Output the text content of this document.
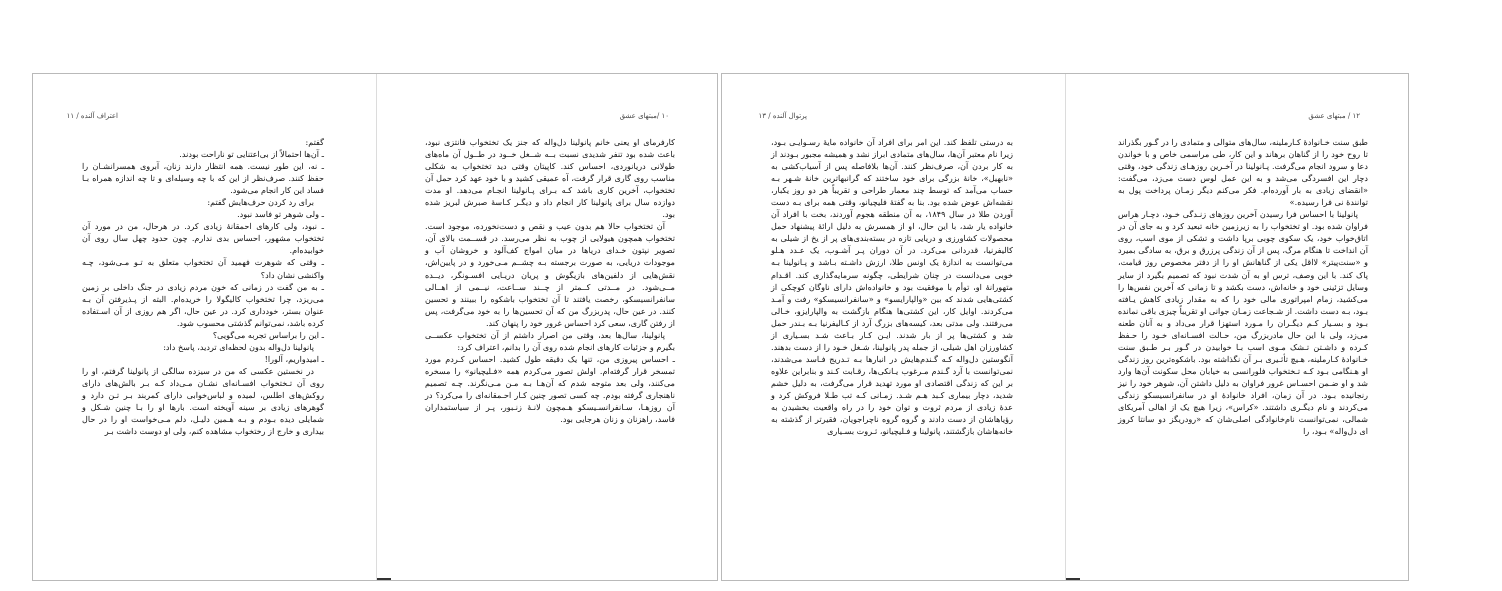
اعتراف آلنده / ۱۱

گفتم:

ـ آن‌ها احتمالاً از بی‌اعتنایی تو ناراحت بودند.

ـ نه، این طور نیست. همه انتظار دارند زنان، آبروی همسرانشـان را حفظ کنند. صرف‌نظر از این که با چه وسیله‌ای و تا چه اندازه همراه بـا فساد این کار انجام می‌شود.

برای رد کردن حرف‌هایش گفتم:

ـ ولی شوهر تو فاسد نبود.

ـ نبود، ولی کارهای احمقانهٔ زیادی کرد. در هرحال، من در مورد آن تختخواب مشهور، احساس بدی ندارم. چون حدود چهل سال روی آن خوابیده‌ام.

ـ وقتی که شوهرت فهمید آن تختخواب متعلق به تـو مـی‌شود، چـه واکنشی نشان داد؟

ـ به من گفت در زمانی که خون مردم زیادی در جنگ داخلی بر زمین می‌ریزد، چرا تختخواب کالیگولا را خریده‌ام. البته از پـذیرفتن آن بـه عنوان بستر، خودداری کرد. در عین حال، اگر هم روزی از آن اسـتفاده کرده باشد، نمی‌توانم گذشتی محسوب شود.

ـ این را براساس تجربه می‌گویی؟

پانولینا دل‌واله بدون لحظه‌ای تردید، پاسخ داد:

ـ امیدواریم، آلورا!

در نخستین عکسی که من در سیزده سالگی از پانولینا گرفتم، او را روی آن تـختخواب افسـانه‌ای نشـان مـی‌داد کـه بـر بالش‌های دارای روکش‌های اطلس، لمیده و لباس‌خوابی دارای کمربند بـر تـن دارد و گوهرهای زیادی بر سینه آویخته است. بارها او را بـا چنین شـکل و شمایلی دیده بـودم و بـه هـمین دلیـل، دلم مـی‌خواست او را در حال بیداری و خارج از رختخواب مشاهده کنم، ولی او دوست داشت بـر

۱۰ /مبتهای عشق

کارفرمای او یعنی خانم پانولینا دل‌واله که جنز یک تختخواب فانتزی نبود، باعث شده بود تنفر شدیدی نسبت بــه شــغل خــود در طــول آن ماه‌های طولانی دریانوردی، احساس کند. کاپیتان وقتی دید تختخواب به شکلی مناسب روی گاری قرار گرفت، آه عمیقی کشید و با خود عهد کرد حمل آن تختخواب، آخرین کاری باشد کـه بـرای پـانولینا انجـام می‌دهد. او مدت دوازده سال برای پانولینا کار انجام داد و دیگـر کـاسهٔ صبرش لبریز شده بود.

آن تختخواب حالا هم بدون عیب و نقص و دست‌نخورده، موجود است. تختخواب همچون هیولایی از چوب به نظر می‌رسد. در قســمت بالای آن، تصویر نپتون خـدای دریاها در میان امواج کف‌آلود و خروشان آب و موجودات دریایی، به صورت برجسته بـه چشــم مـی‌خورد و در پایین‌اش، نقش‌هایی از دلفین‌های بازیگوش و پریان دریـایی افسـونگر، دیــده مــی‌شود. در مــدتی کــمتر از چــند ســاعت، نیــمی از اهــالی سانفرانسیسکو، رخصت یافتند تا آن تختخواب باشکوه را ببینند و تحسین کنند. در عین حال، پدربزرگ من که آن تحسین‌ها را به خود می‌گرفت، پس از رفتن گاری، سعی کرد احساس غرور خود را پنهان کند.

پانولینا، سال‌ها بعد، وقتی من اصرار داشتم از آن تختخواب عکســی بگیرم و جزئیات کارهای انجام شده روی آن را بدانم، اعتراف کرد:

ـ احساس پیروزی من، تنها یک دقیقه طول کشید. احساس کـردم مورد تمسخر قرار گرفته‌ام. اولش تصور می‌کردم همه «فـلیچیانو» را مسخره می‌کنند، ولی بعد متوجه شدم که آن‌هـا بـه مـن مـی‌نگرند. چـه تصمیم ناهنجاری گرفته بودم. چه کسی تصور چنین کـار احـمقانه‌ای را می‌کرد؟ در آن روزهـا، سـانفرانسـیسکو هـمچون لانـهٔ زنـبور، پـر از سیاستمداران فاسد، راهزنان و زنان هرجایی بود.

پرتوال آلنده / ۱۳

به درستی تلفظ کند. این امر برای افراد آن خانواده مایهٔ رسـوایـی بـود، زیرا نام معتبر آن‌ها، سال‌های متمادی ابراز نشد و همیشه مجبور بـودند از به کار بردن آن، صرف‌نظر کنند. آن‌ها بلافاصله پس از آسیاب‌کشی به «نابهیل»، خانهٔ بزرگی برای خود ساختند که گرانبهاترین خانهٔ شـهر بـه حساب می‌آمد که توسط چند معمار طراحی و تقریباً هر دو روز یکبار، نقشه‌اش عوض شده بود. بنا به گفتهٔ فلیچیانو، وقتی همه برای بـه دست آوردن طلا در سال ۱۸۴۹، به آن منطقه هجوم آوردند، بخت با افراد آن خانواده یار شد، با این حال، او از همسرش به دلیل ارائهٔ پیشنهاد حمل محصولات کشاورزی و دریایی تازه در بسته‌بندی‌های پر از یخ از شیلی به کالیفرنیا، قدردانی می‌کرد. در آن دوران پـر آشـوب، یک عـدد هـلو می‌توانست به اندازهٔ یک اونس طلا، ارزش داشـته بـاشد و پـانولینا بـه خوبی می‌دانست در چنان شرایطی، چگونه سرمایه‌گذاری کند. اقـدام متهورانهٔ او، توأم با موفقیت بود و خانواده‌اش دارای ناوگان کوچکی از کشتی‌هایی شدند که بین «والپارایسو» و «سانفرانسیسکو» رفت و آمـد می‌کردند. اوایل کار، این کشتی‌ها هنگام بازگشت به والپارایزو، خـالی می‌رفتند. ولی مدتی بعد، کیسه‌های بزرگ آرد از کـالیفرنیا بـه بـندر حمل شد و کشتی‌ها پر از بار شدند. ایـن کـار بـاعث شـد بسـیاری از کشاورزان اهل شیلی، از جمله پدر پانولینا، شـغل خـود را از دست بدهند. آنگوستین دل‌واله کـه گـندم‌هایش در انبارها بـه تـدریج فـاسد می‌شدند، نمی‌توانست با آرد گـندم مـرغوب یـانکی‌ها، رقـابت کـند و بنابراین علاوه بر این که زندگی اقتصادی او مورد تهدید قرار می‌گرفت، به دلیل خشم شدید، دچار بیماری کـبد هـم شـد. زمـانی کـه تب طـلا فروکش کرد و عدهٔ زیادی از مردم ثروت و توان خود را در راه واقعیت بخشیدن به رؤیاهاشان از دست دادند و گروه گروه ناچراجویان، فقیرتر از گذشته به خانه‌هاشان بازگشتند، پانولینا و فـلیچیانو، ثـروت بسـیاری

۱۲ / مبتهای عشق

طبق سنت خـانوادهٔ کـارملینه، سال‌های متوالی و متمادی را در گـور بگذراند تا روح خود را از گناهان برهاند و این کار، طی مراسمی خاص و با خواندن دعا و سرود انجام می‌گرفت. پـانولینا در آخـرین روزهـای زندگی خود، وقتی دچار این افسردگی می‌شد و به این عمل لوس دست می‌زد، می‌گفت: «انقضای زیادی به بار آورده‌ام. فکر می‌کنم دیگر زمـان پرداخت پول به توانندهٔ نی فرا رسیده.»

پانولینا با احساس فرا رسیدن آخرین روزهای زنـدگی خـود، دچـار هراس فراوان شده بود. او تختخواب را به زیرزمین خانه تبعید کرد و به جای آن در اتاق‌خواب خود، یک سکوی چوبی برپا داشت و تشکی از موی اسب، روی آن انداخت تا هنگام مرگ، پس از آن زندگی پرزرق و برق، به سادگی بمیرد و «سنت‌پیتر» لااقل یکی از گناهانش او را از دفتر مخصوص روز قیامت، پاک کند. با این وصف، ترس او به آن شدت نبود که تصمیم بگیرد از سایر وسایل تزئینی خود و خانه‌اش، دست بکشد و تا زمانی که آخرین نفس‌ها را می‌کشید، زمام امپراتوری مالی خود را که به مقدار زیادی کاهش یـافته بـود، بـه دست داشت. از شـجاعت زمـان جوانی او تقریباً چیزی باقی نمانده بـود و بسـیار کـم دیگـران را مـورد استهزا قرار می‌داد و به آنان طعنه می‌زد، ولی با این حال مادربزرگ من، حـالت افسـانه‌ای خـود را حـفظ کـرده و داشـتن تـشک مـوی اسب بـا خوابیدن در گـور بـر طـبق سنت خـانوادهٔ کـارملینه، هـیچ تأثـیری بـر آن نگذاشته بود. باشکوه‌ترین روز زندگی او هـنگامی بـود کـه تـختخواب فلورانسی به خیابان محل سکونت آن‌ها وارد شد و او ضـمن احسـاس غرور فراوان به دلیل داشتن آن، شوهر خود را نیز رنجانیده بـود. در آن زمان، افراد خانوادهٔ او در سانفرانسیسکو زندگی می‌کردند و نام دیگـری داشتند. «کراس»، زیرا هیچ یک از اهالی آمریکای شمالی، نمی‌توانست نام‌خانوادگی اصلی‌شان که «رودریگز دو سانتا کروز ای دل‌واله» بـود، را
